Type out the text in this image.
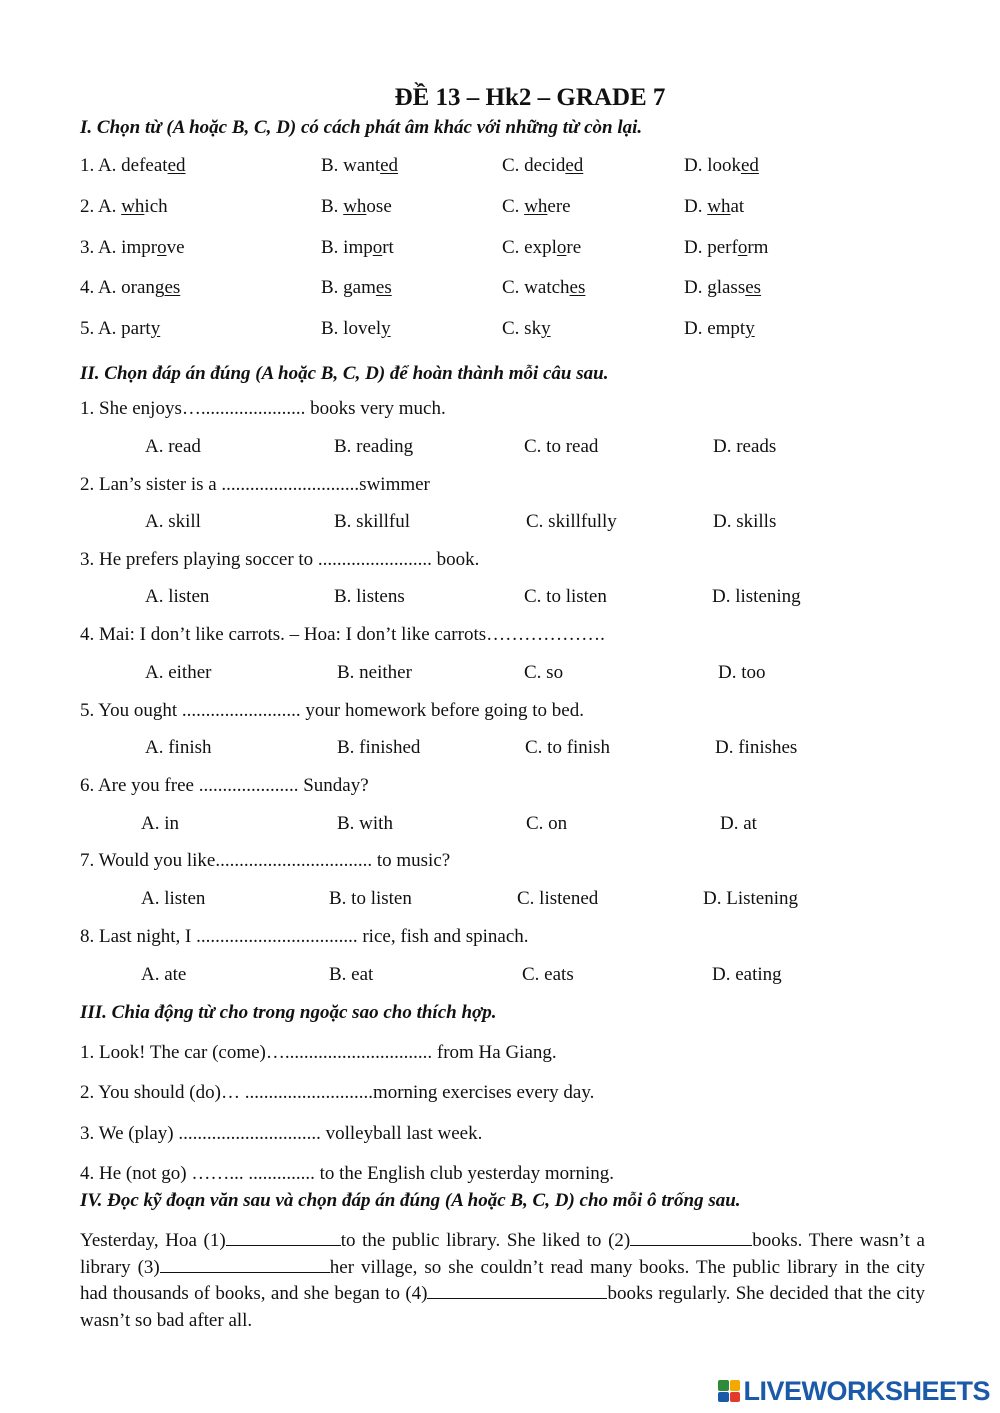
ĐỀ 13 – Hk2 – GRADE 7
I. Chọn từ (A hoặc B, C, D) có cách phát âm khác với những từ còn lại.
1. A. defeated	B. wanted	C. decided	D. looked
2. A. which	B. whose	C. where	D. what
3. A. improve	B. import	C. explore	D. perform
4. A. oranges	B. games	C. watches	D. glasses
5. A. party	B. lovely	C. sky	D. empty
II. Chọn đáp án đúng (A hoặc B, C, D) để hoàn thành mỗi câu sau.
1. She enjoys…...................... books very much.
A. read	B. reading	C. to read	D. reads
2. Lan’s sister is a .............................swimmer
A. skill	B. skillful	C. skillfully	D. skills
3. He prefers playing soccer to ........................ book.
A. listen	B. listens	C. to listen	D. listening
4. Mai: I don’t like carrots. – Hoa: I don’t like carrots……………….
A. either	B. neither	C. so	D. too
5. You ought ......................... your homework before going to bed.
A. finish	B. finished	C. to finish	D. finishes
6. Are you free ..................... Sunday?
A. in	B. with	C. on	D. at
7. Would you like................................. to music?
A. listen	B. to listen	C. listened	D. Listening
8. Last night, I .................................. rice, fish and spinach.
A. ate	B. eat	C. eats	D. eating
III. Chia động từ cho trong ngoặc sao cho thích hợp.
1. Look! The car (come)…............................... from Ha Giang.
2. You should (do)… ...........................morning exercises every day.
3. We (play) .............................. volleyball last week.
4. He (not go) ……... .............. to the English club yesterday morning.
IV. Đọc kỹ đoạn văn sau và chọn đáp án đúng (A hoặc B, C, D) cho mỗi ô trống sau.
Yesterday, Hoa (1)	to the public library. She liked to (2)	books. There wasn’t a library (3)	her village, so she couldn’t read many books. The public library in the city had thousands of books, and she began to (4)	books regularly. She decided that the city wasn’t so bad after all.
LIVEWORKSHEETS
